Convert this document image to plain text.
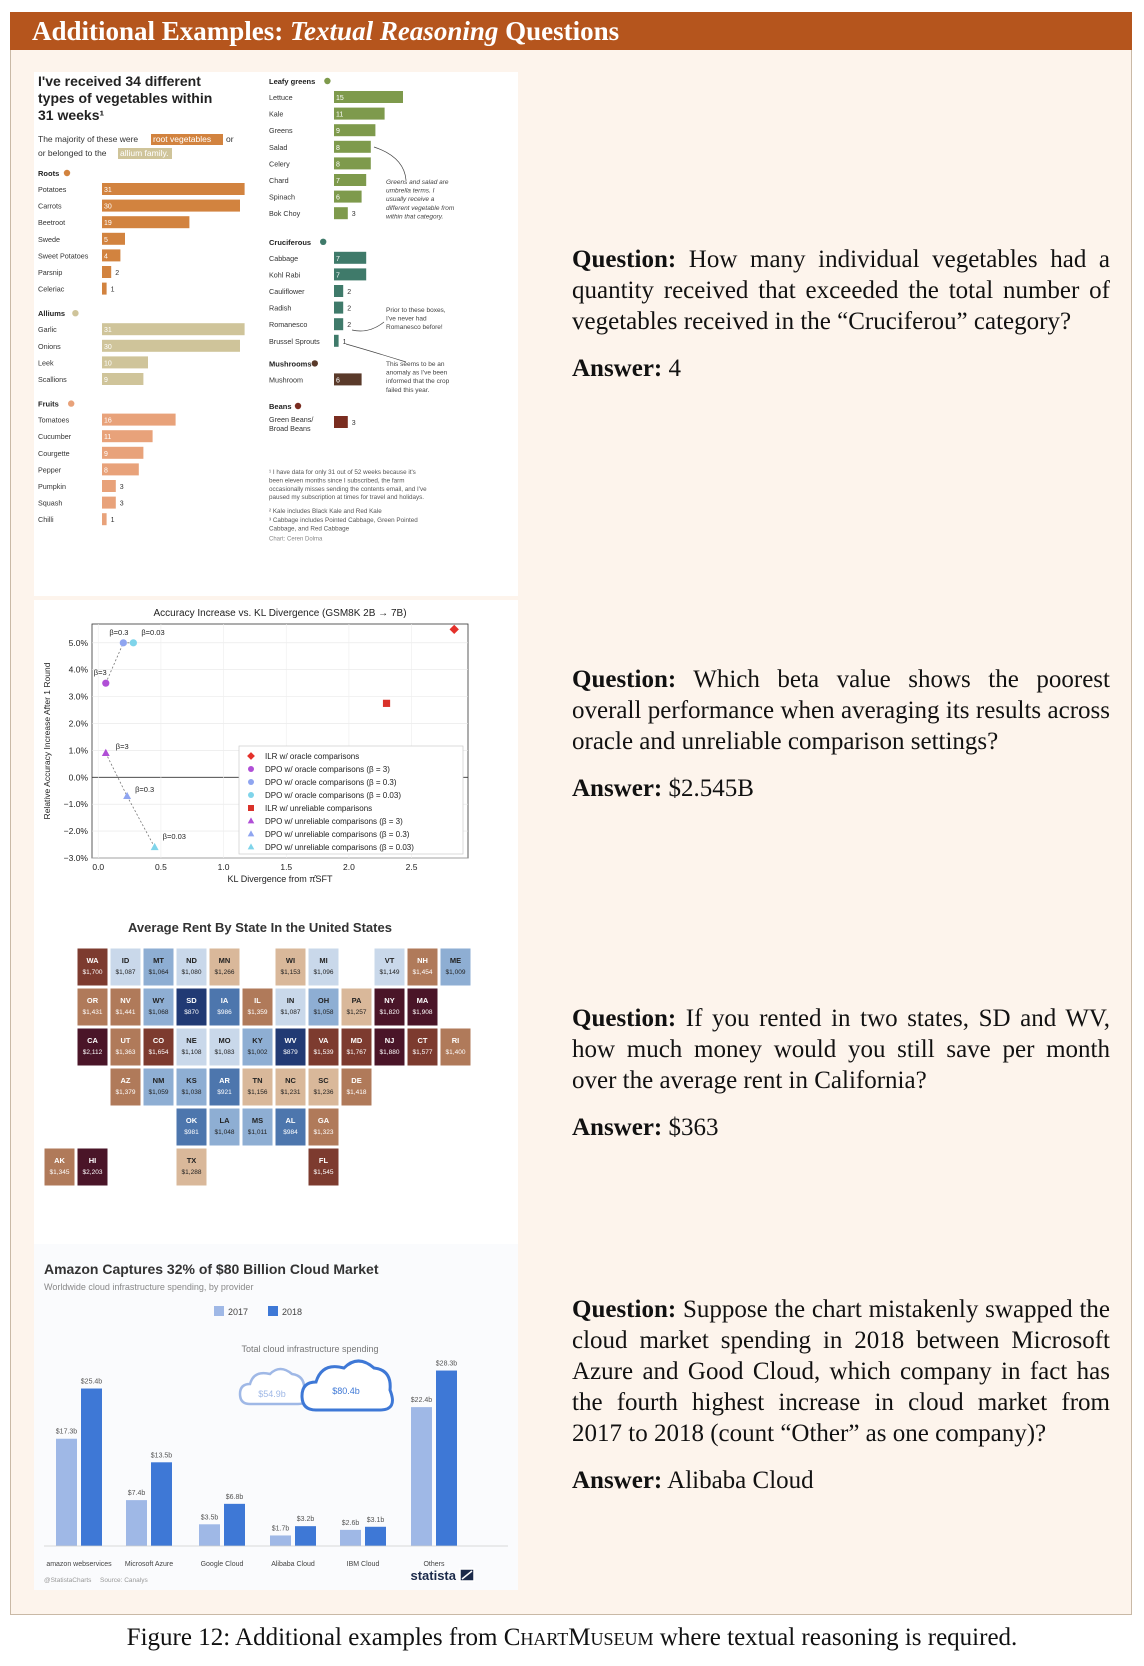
Additional Examples: Textual Reasoning Questions
I've received 34 different
types of vegetables within
31 weeks¹
The majority of these were root vegetables or
or belonged to the allium family.
Roots
Potatoes	31
Carrots	30
Beetroot	19
Swede	5
Sweet Potatoes 4
Parsnip	2
Celeriac	1
Alliums
Garlic	31
Onions	30
Leek	10
Scallions	9
Fruits
Tomatoes	16
Cucumber	11
Courgette	9
Pepper	8
Pumpkin	3
Squash	3
Chilli	1
Leafy greens
Lettuce	15
Kale	11
Greens	9
Salad	8
Celery	8
Chard	7
Spinach	6
Bok Choy	3
Cruciferous
Cabbage	7
Kohl Rabi	7
Cauliflower	2
Radish	2
Romanesco	2
Brussel Sprouts	1
Mushrooms
Mushroom	6
Beans
Green Beans/
Broad Beans
3
Greens and salad are
umbrella terms. I
usually receive a
different vegetable from
within that category.
Prior to these boxes,
I've never had
Romanesco before!
This seems to be an
anomaly as I've been
informed that the crop
failed this year.
¹ I have data for only 31 out of 52 weeks because it's
been eleven months since I subscribed, the farm
occasionally misses sending the contents email, and I've
paused my subscription at times for travel and holidays.
² Kale includes Black Kale and Red Kale
³ Cabbage includes Pointed Cabbage, Green Pointed
Cabbage, and Red Cabbage
Chart: Ceren Dolma
Accuracy Increase vs. KL Divergence (GSM8K 2B → 7B)
5.0%
4.0%
3.0%
2.0%
1.0%
0.0%
−1.0%
−2.0%
−3.0%
0.0	0.5	1.0	1.5	2.0	2.5
KL Divergence from π̂SFT
Relative Accuracy Increase After 1 Round	β=3
β=0.3 β=0.03
β=3
β=0.3
β=0.03
ILR w/ oracle comparisons
DPO w/ oracle comparisons (β = 3)
DPO w/ oracle comparisons (β = 0.3)
DPO w/ oracle comparisons (β = 0.03)
ILR w/ unreliable comparisons
DPO w/ unreliable comparisons (β = 3)
DPO w/ unreliable comparisons (β = 0.3)
DPO w/ unreliable comparisons (β = 0.03)
Average Rent By State In the United States
WA
$1,700
ID
$1,087
MT
$1,064
ND
$1,080
MN
$1,266
WI
$1,153
MI
$1,096
VT
$1,149
NH
$1,454
ME
$1,009
OR
$1,431
NV
$1,441
WY
$1,068
SD
$870
IA
$986
IL
$1,359
IN
$1,087
OH
$1,058
PA
$1,257
NY
$1,820
MA
$1,908
CA
$2,112
UT
$1,363
CO
$1,654
NE
$1,108
MO
$1,083
KY
$1,002
WV
$879
VA
$1,539
MD
$1,767
NJ
$1,880
CT
$1,577
RI
$1,400
AZ
$1,379
NM
$1,059
KS
$1,038
AR
$921
TN
$1,156
NC
$1,231
SC
$1,236
DE
$1,418
OK
$981
LA
$1,048
MS
$1,011
AL
$984
GA
$1,323
AK
$1,345
HI
$2,203
TX
$1,288
FL
$1,545
Amazon Captures 32% of $80 Billion Cloud Market
Worldwide cloud infrastructure spending, by provider
2017	2018
Total cloud infrastructure spending
$54.9b	$80.4b
$17.3b
$25.4b
amazon webservices
$7.4b
$13.5b
Microsoft Azure
$3.5b
$6.8b
Google Cloud
$1.7b
$3.2b
Alibaba Cloud
$2.6b $3.1b
IBM Cloud
$22.4b
$28.3b
Others
@StatistaCharts Source: Canalys	statista
Question: How many individual vegetables had a quantity received that exceeded the total number of vegetables received in the “Cruciferou” category?
Answer: 4
Question: Which beta value shows the poorest overall performance when averaging its results across oracle and unreliable comparison settings?
Answer: $2.545B
Question: If you rented in two states, SD and WV, how much money would you still save per month over the average rent in California?
Answer: $363
Question: Suppose the chart mistakenly swapped the cloud market spending in 2018 between Microsoft Azure and Good Cloud, which company in fact has the fourth highest increase in cloud market from 2017 to 2018 (count “Other” as one company)?
Answer: Alibaba Cloud
Figure 12: Additional examples from ChartMuseum where textual reasoning is required.
